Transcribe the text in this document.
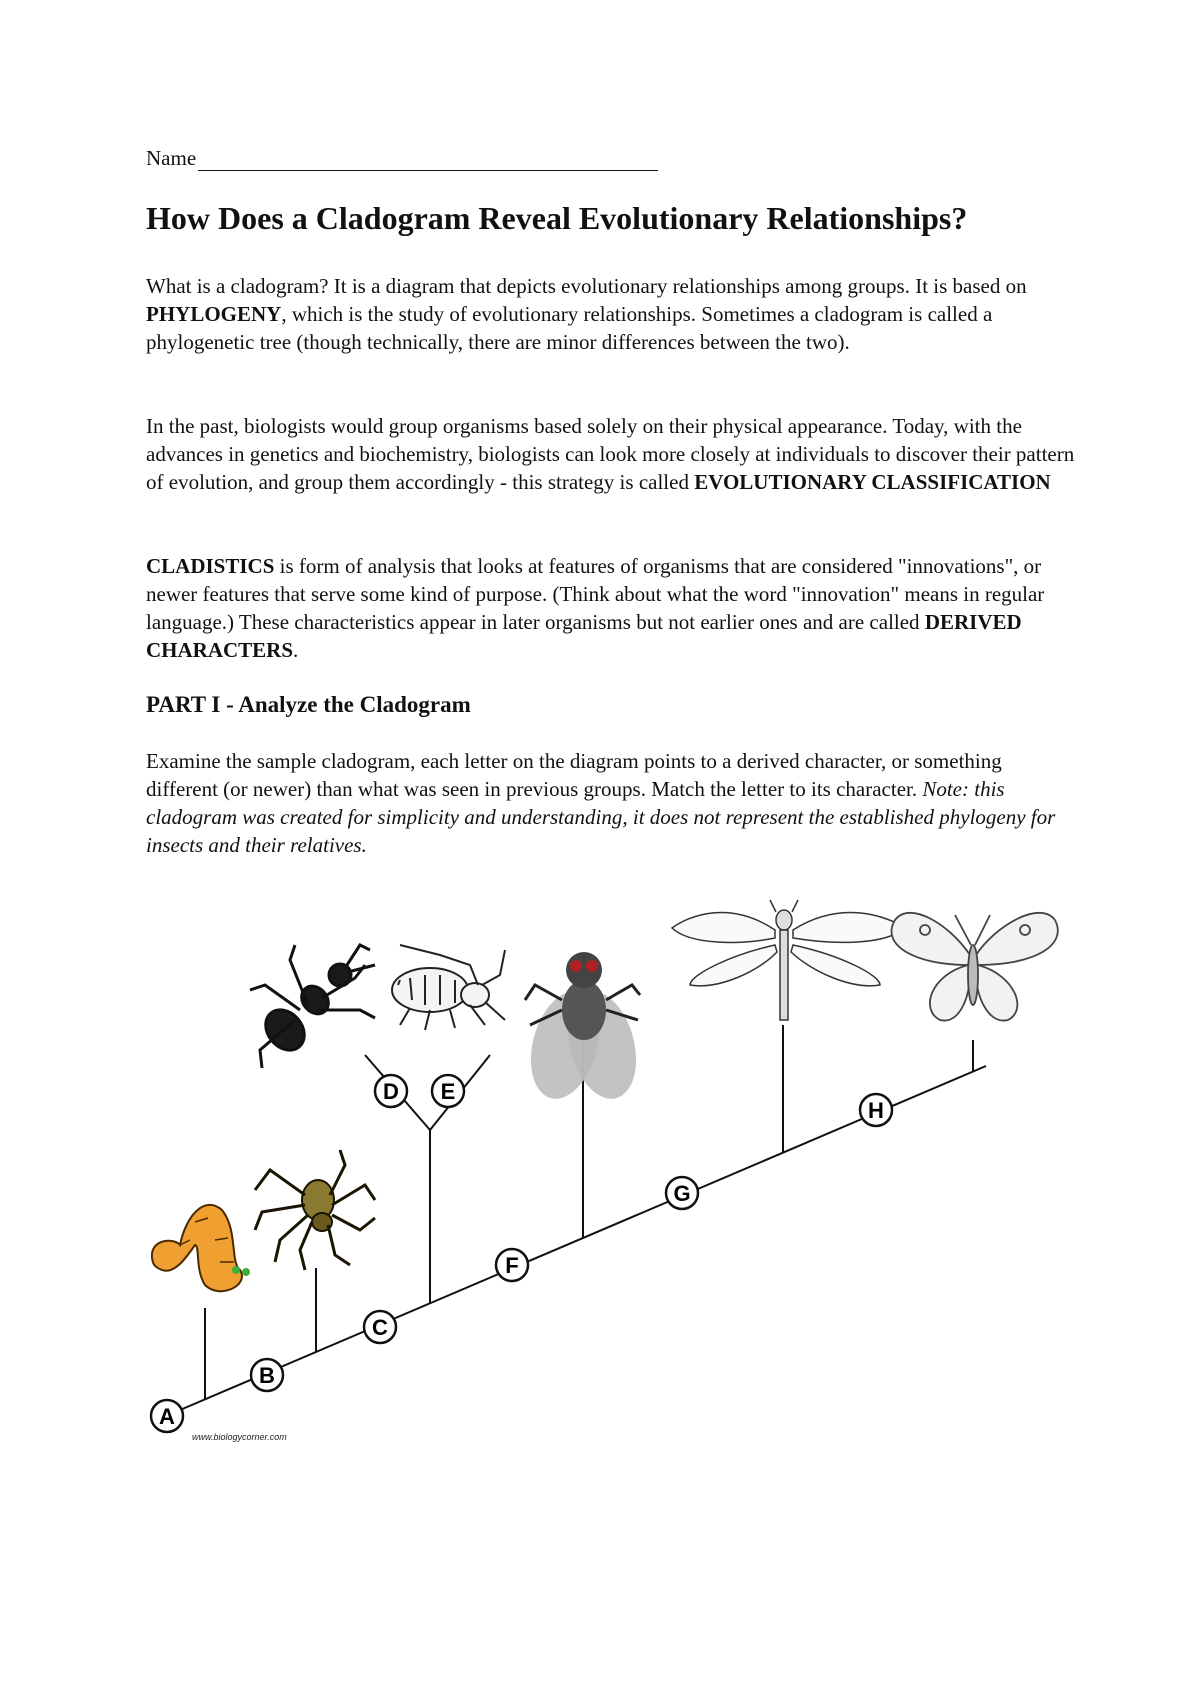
Name
How Does a Cladogram Reveal Evolutionary Relationships?

What is a cladogram? It is a diagram that depicts evolutionary relationships among groups. It is based on PHYLOGENY, which is the study of evolutionary relationships. Sometimes a cladogram is called a phylogenetic tree (though technically, there are minor differences between the two).

In the past, biologists would group organisms based solely on their physical appearance. Today, with the advances in genetics and biochemistry, biologists can look more closely at individuals to discover their pattern of evolution, and group them accordingly - this strategy is called EVOLUTIONARY CLASSIFICATION

CLADISTICS is form of analysis that looks at features of organisms that are considered "innovations", or newer features that serve some kind of purpose. (Think about what the word "innovation" means in regular language.) These characteristics appear in later organisms but not earlier ones and are called DERIVED CHARACTERS.

PART I - Analyze the Cladogram

Examine the sample cladogram, each letter on the diagram points to a derived character, or something different (or newer) than what was seen in previous groups. Match the letter to its character. Note: this cladogram was created for simplicity and understanding, it does not represent the established phylogeny for insects and their relatives.

A
B
C
D E
F
G
H
www.biologycorner.com
